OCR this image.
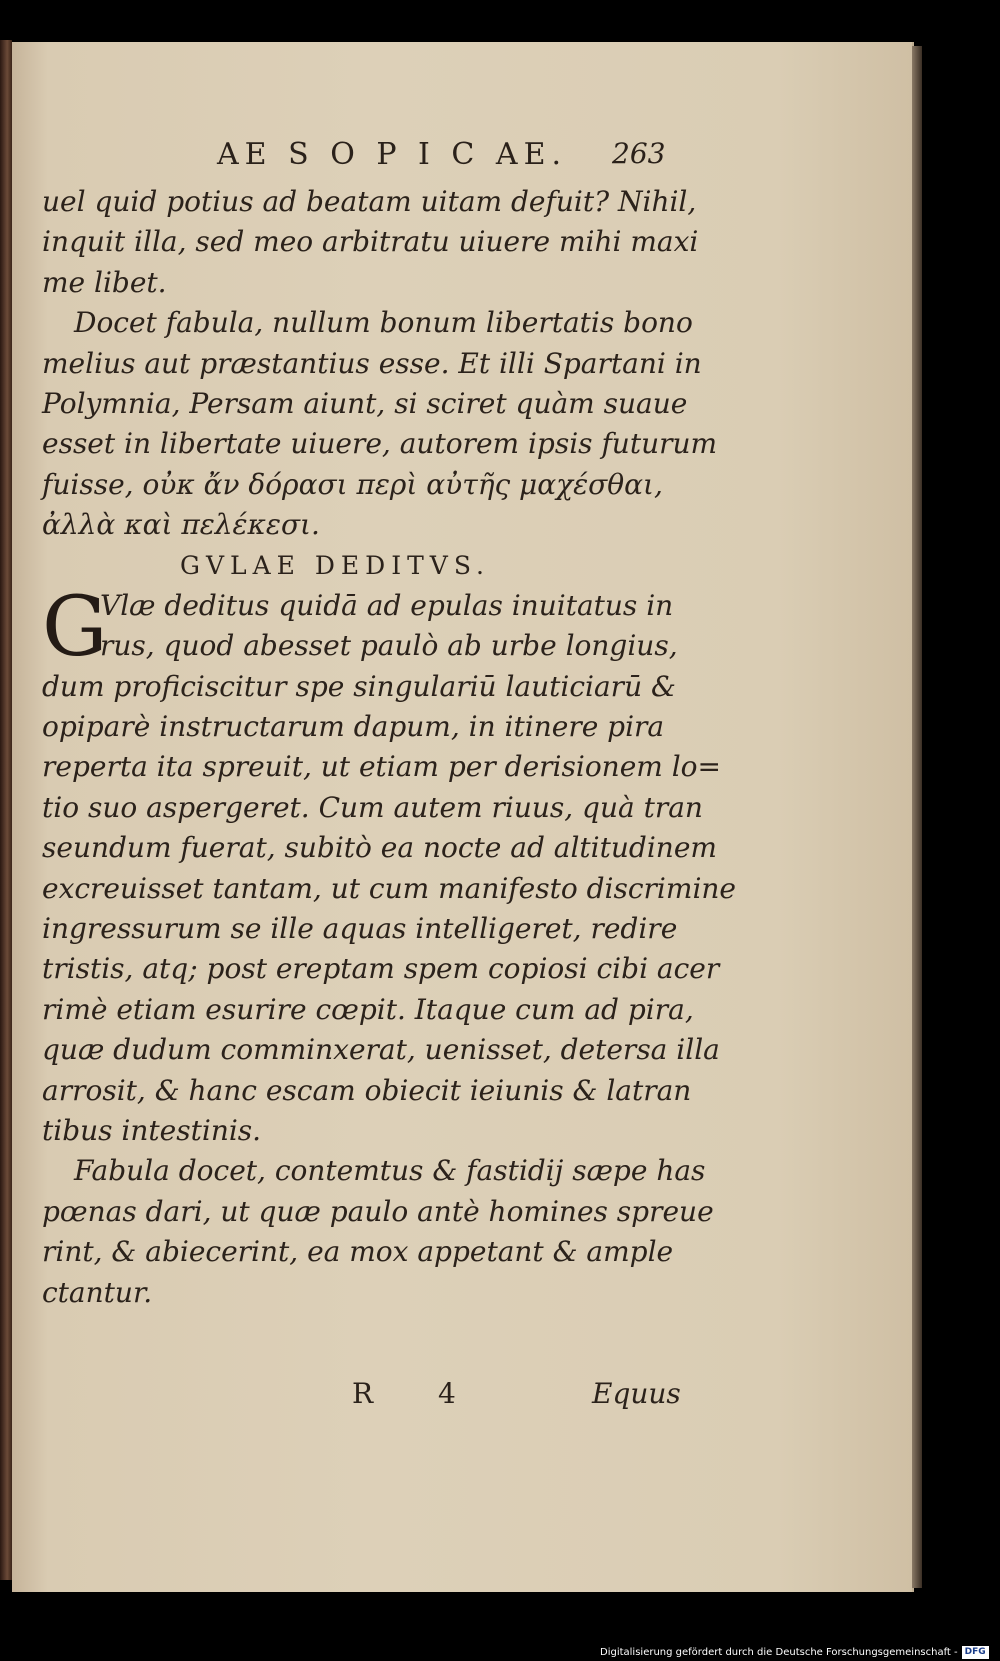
AE S O P I C AE. 263
uel quid potius ad beatam uitam defuit? Nihil,
inquit illa, sed meo arbitratu uiuere mihi maxi
me libet.
Docet fabula, nullum bonum libertatis bono
melius aut præstantius esse. Et illi Spartani in
Polymnia, Persam aiunt, si sciret quàm suaue
esset in libertate uiuere, autorem ipsis futurum
fuisse, οὐκ ἄν δόρασι περὶ αὐτῆς μαχέσθαι,
ἀλλὰ καὶ πελέκεσι.
GVLAE DEDITVS.
G
Vlæ deditus quidā ad epulas inuitatus in
rus, quod abesset paulò ab urbe longius,
dum proficiscitur spe singulariū lauticiarū &
opiparè instructarum dapum, in itinere pira
reperta ita spreuit, ut etiam per derisionem lo=
tio suo aspergeret. Cum autem riuus, quà tran
seundum fuerat, subitò ea nocte ad altitudinem
excreuisset tantam, ut cum manifesto discrimine
ingressurum se ille aquas intelligeret, redire
tristis, atq; post ereptam spem copiosi cibi acer
rimè etiam esurire cœpit. Itaque cum ad pira,
quæ dudum comminxerat, uenisset, detersa illa
arrosit, & hanc escam obiecit ieiunis & latran
tibus intestinis.
Fabula docet, contemtus & fastidij sæpe has
pœnas dari, ut quæ paulo antè homines spreue
rint, & abiecerint, ea mox appetant & ample
ctantur.
R 4	Equus
Digitalisierung gefördert durch die Deutsche Forschungsgemeinschaft - DFG
